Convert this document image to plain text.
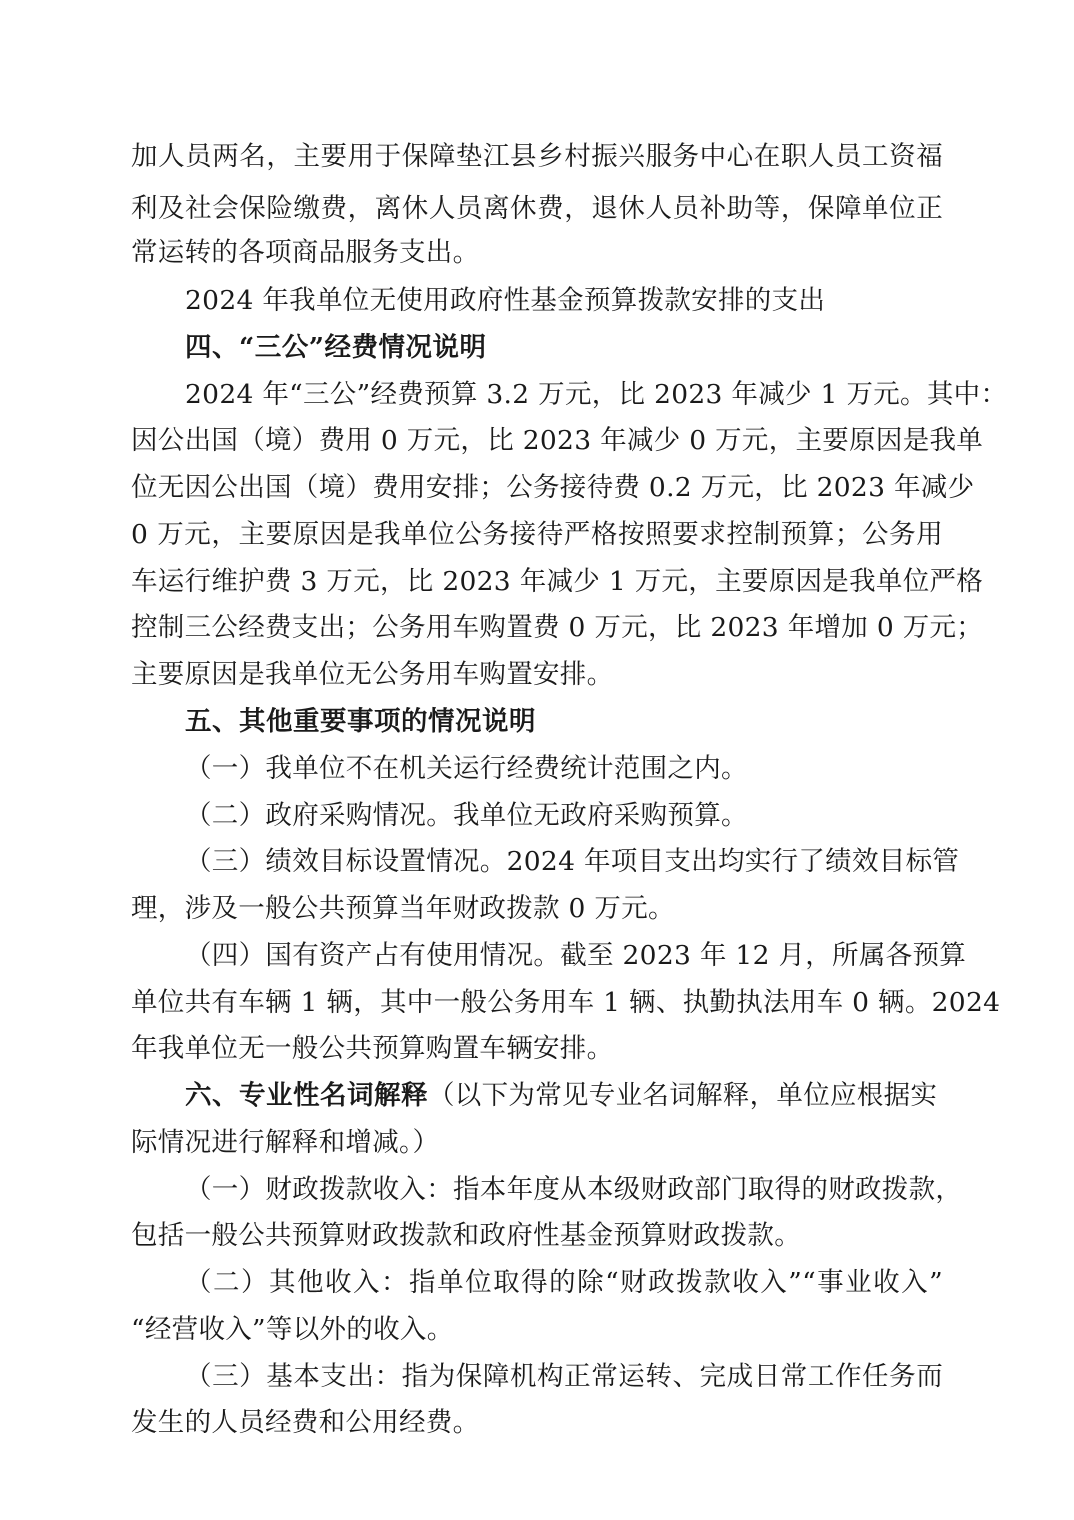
加人员两名，主要用于保障垫江县乡村振兴服务中心在职人员工资福
利及社会保险缴费，离休人员离休费，退休人员补助等，保障单位正
常运转的各项商品服务支出。
2024 年我单位无使用政府性基金预算拨款安排的支出
四、“三公”经费情况说明
2024 年“三公”经费预算 3.2 万元，比 2023 年减少 1 万元。其中：
因公出国（境）费用 0 万元，比 2023 年减少 0 万元，主要原因是我单
位无因公出国（境）费用安排；公务接待费 0.2 万元，比 2023 年减少
0 万元，主要原因是我单位公务接待严格按照要求控制预算；公务用
车运行维护费 3 万元，比 2023 年减少 1 万元，主要原因是我单位严格
控制三公经费支出；公务用车购置费 0 万元，比 2023 年增加 0 万元；
主要原因是我单位无公务用车购置安排。
五、其他重要事项的情况说明
（一）我单位不在机关运行经费统计范围之内。
（二）政府采购情况。我单位无政府采购预算。
（三）绩效目标设置情况。2024 年项目支出均实行了绩效目标管
理，涉及一般公共预算当年财政拨款 0 万元。
（四）国有资产占有使用情况。截至 2023 年 12 月，所属各预算
单位共有车辆 1 辆，其中一般公务用车 1 辆、执勤执法用车 0 辆。2024
年我单位无一般公共预算购置车辆安排。
六、专业性名词解释（以下为常见专业名词解释，单位应根据实
际情况进行解释和增减。）
（一）财政拨款收入：指本年度从本级财政部门取得的财政拨款，
包括一般公共预算财政拨款和政府性基金预算财政拨款。
（二）其他收入：指单位取得的除“财政拨款收入”“事业收入”
“经营收入”等以外的收入。
（三）基本支出：指为保障机构正常运转、完成日常工作任务而
发生的人员经费和公用经费。
